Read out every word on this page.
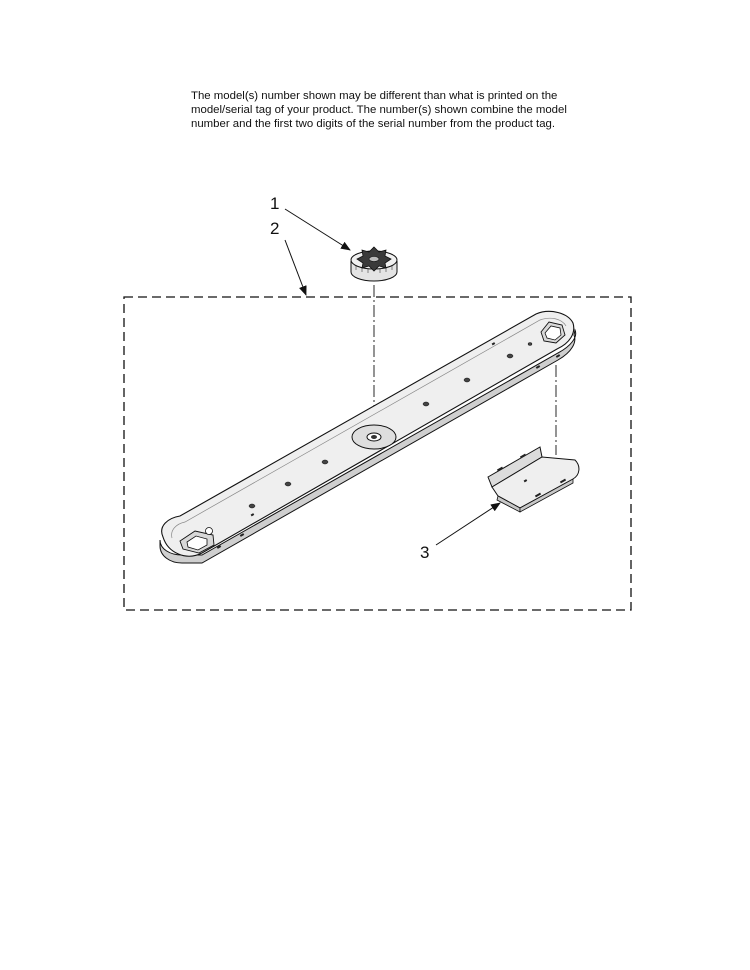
The model(s) number shown may be different than what is printed on the

model/serial tag of your product. The number(s) shown combine the model

number and the first two digits of the serial number from the product tag.

1
2
3
